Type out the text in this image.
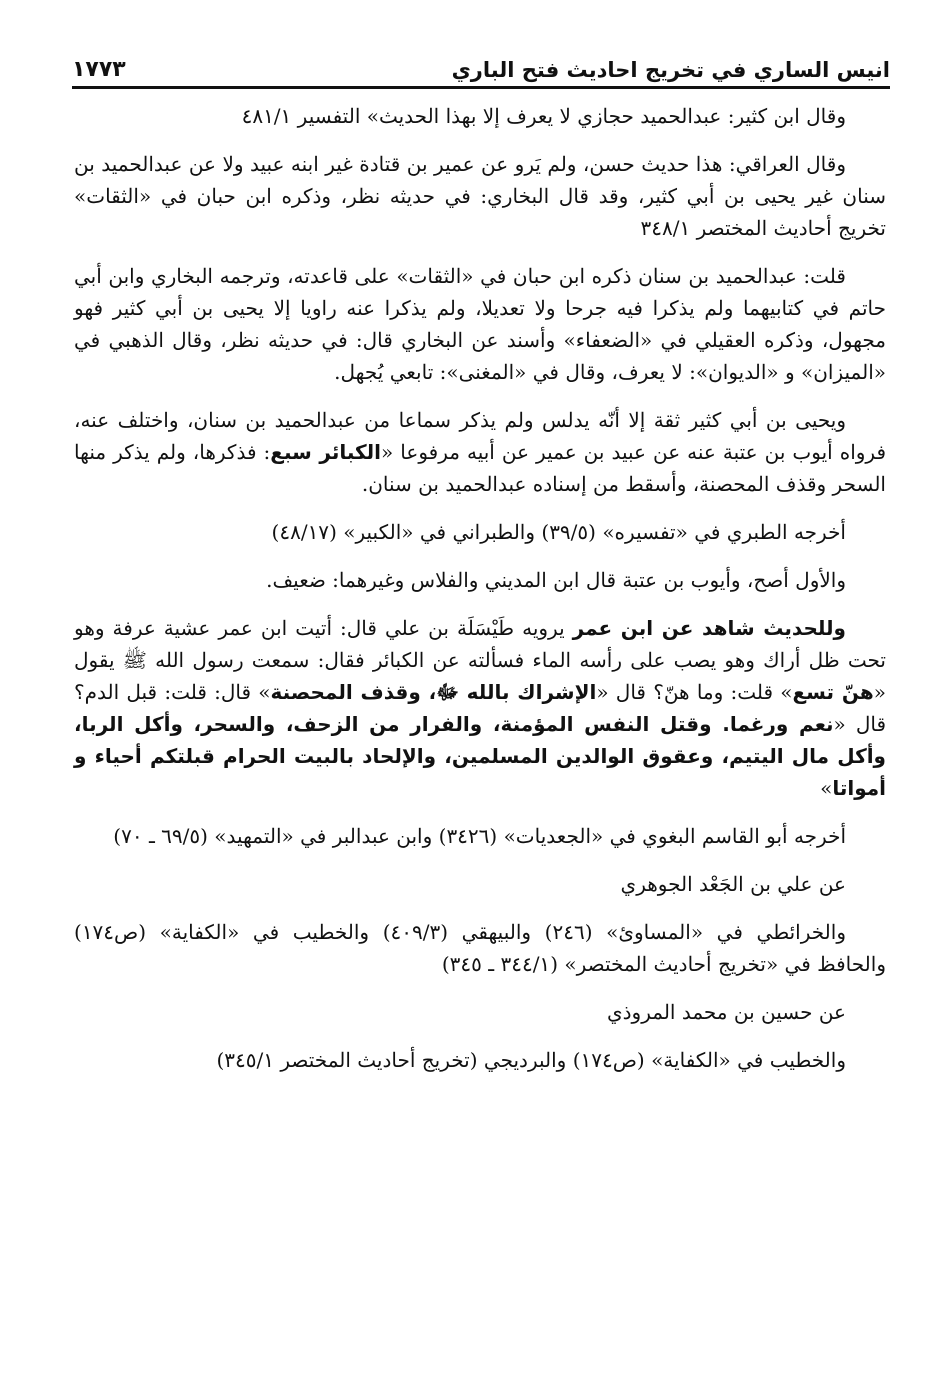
انيس الساري في تخريج احاديث فتح الباري
١٧٧٣

وقال ابن كثير: عبدالحميد حجازي لا يعرف إلا بهذا الحديث» التفسير ٤٨١/١

وقال العراقي: هذا حديث حسن، ولم يَرو عن عمير بن قتادة غير ابنه عبيد ولا عن عبدالحميد بن سنان غير يحيى بن أبي كثير، وقد قال البخاري: في حديثه نظر، وذكره ابن حبان في «الثقات» تخريج أحاديث المختصر ٣٤٨/١

قلت: عبدالحميد بن سنان ذكره ابن حبان في «الثقات» على قاعدته، وترجمه البخاري وابن أبي حاتم في كتابيهما ولم يذكرا فيه جرحا ولا تعديلا، ولم يذكرا عنه راويا إلا يحيى بن أبي كثير فهو مجهول، وذكره العقيلي في «الضعفاء» وأسند عن البخاري قال: في حديثه نظر، وقال الذهبي في «الميزان» و «الديوان»: لا يعرف، وقال في «المغنى»: تابعي يُجهل.

ويحيى بن أبي كثير ثقة إلا أنّه يدلس ولم يذكر سماعا من عبدالحميد بن سنان، واختلف عنه، فرواه أيوب بن عتبة عنه عن عبيد بن عمير عن أبيه مرفوعا «الكبائر سبع: فذكرها، ولم يذكر منها السحر وقذف المحصنة، وأسقط من إسناده عبدالحميد بن سنان.

أخرجه الطبري في «تفسيره» (٣٩/٥) والطبراني في «الكبير» (٤٨/١٧)

والأول أصح، وأيوب بن عتبة قال ابن المديني والفلاس وغيرهما: ضعيف.

وللحديث شاهد عن ابن عمر يرويه طَيْسَلَة بن علي قال: أتيت ابن عمر عشية عرفة وهو تحت ظل أراك وهو يصب على رأسه الماء فسألته عن الكبائر فقال: سمعت رسول الله ﷺ يقول «هنّ تسع» قلت: وما هنّ؟ قال «الإشراك بالله ﷻ، وقذف المحصنة» قال: قلت: قبل الدم؟ قال «نعم ورغما. وقتل النفس المؤمنة، والفرار من الزحف، والسحر، وأكل الربا، وأكل مال اليتيم، وعقوق الوالدين المسلمين، والإلحاد بالبيت الحرام قبلتكم أحياء و أمواتا»

أخرجه أبو القاسم البغوي في «الجعديات» (٣٤٢٦) وابن عبدالبر في «التمهيد» (٦٩/٥ ـ ٧٠)

عن علي بن الجَعْد الجوهري

والخرائطي في «المساوئ» (٢٤٦) والبيهقي (٤٠٩/٣) والخطيب في «الكفاية» (ص١٧٤) والحافظ في «تخريج أحاديث المختصر» (٣٤٤/١ ـ ٣٤٥)

عن حسين بن محمد المروذي

والخطيب في «الكفاية» (ص١٧٤) والبرديجي (تخريج أحاديث المختصر ٣٤٥/١)
